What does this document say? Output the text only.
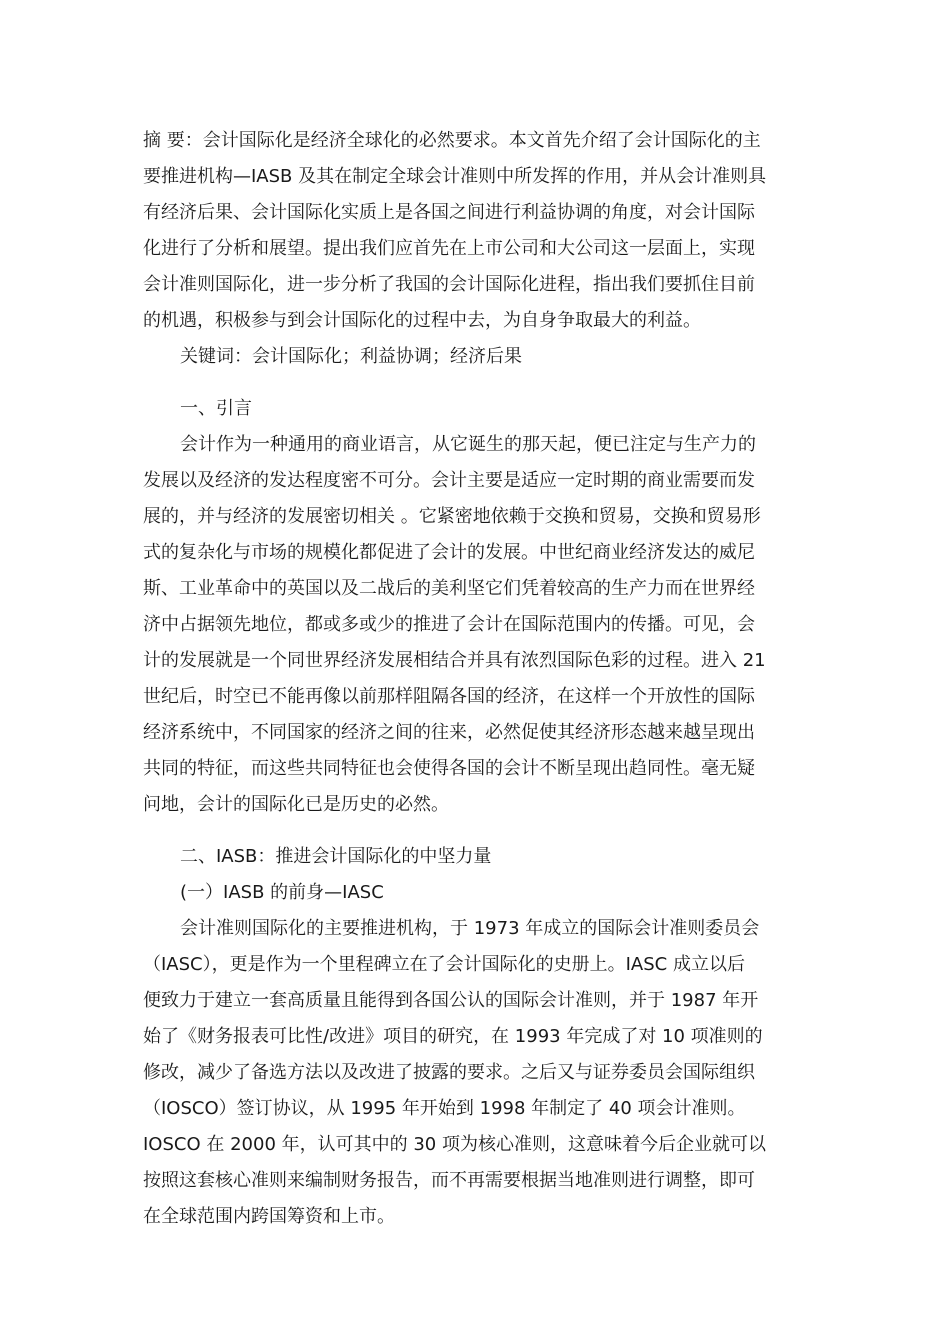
摘 要：会计国际化是经济全球化的必然要求。本文首先介绍了会计国际化的主
要推进机构—IASB 及其在制定全球会计准则中所发挥的作用，并从会计准则具
有经济后果、会计国际化实质上是各国之间进行利益协调的角度，对会计国际
化进行了分析和展望。提出我们应首先在上市公司和大公司这一层面上，实现
会计准则国际化，进一步分析了我国的会计国际化进程，指出我们要抓住目前
的机遇，积极参与到会计国际化的过程中去，为自身争取最大的利益。
关键词：会计国际化；利益协调；经济后果
一、引言
会计作为一种通用的商业语言，从它诞生的那天起，便已注定与生产力的
发展以及经济的发达程度密不可分。会计主要是适应一定时期的商业需要而发
展的，并与经济的发展密切相关 。它紧密地依赖于交换和贸易，交换和贸易形
式的复杂化与市场的规模化都促进了会计的发展。中世纪商业经济发达的威尼
斯、工业革命中的英国以及二战后的美利坚它们凭着较高的生产力而在世界经
济中占据领先地位，都或多或少的推进了会计在国际范围内的传播。可见，会
计的发展就是一个同世界经济发展相结合并具有浓烈国际色彩的过程。进入 21
世纪后，时空已不能再像以前那样阻隔各国的经济，在这样一个开放性的国际
经济系统中，不同国家的经济之间的往来，必然促使其经济形态越来越呈现出
共同的特征，而这些共同特征也会使得各国的会计不断呈现出趋同性。毫无疑
问地，会计的国际化已是历史的必然。
二、IASB：推进会计国际化的中坚力量
(一）IASB 的前身—IASC
会计准则国际化的主要推进机构，于 1973 年成立的国际会计准则委员会
（IASC），更是作为一个里程碑立在了会计国际化的史册上。IASC 成立以后
便致力于建立一套高质量且能得到各国公认的国际会计准则，并于 1987 年开
始了《财务报表可比性/改进》项目的研究，在 1993 年完成了对 10 项准则的
修改，减少了备选方法以及改进了披露的要求。之后又与证券委员会国际组织
（IOSCO）签订协议，从 1995 年开始到 1998 年制定了 40 项会计准则。
IOSCO 在 2000 年，认可其中的 30 项为核心准则，这意味着今后企业就可以
按照这套核心准则来编制财务报告，而不再需要根据当地准则进行调整，即可
在全球范围内跨国筹资和上市。
